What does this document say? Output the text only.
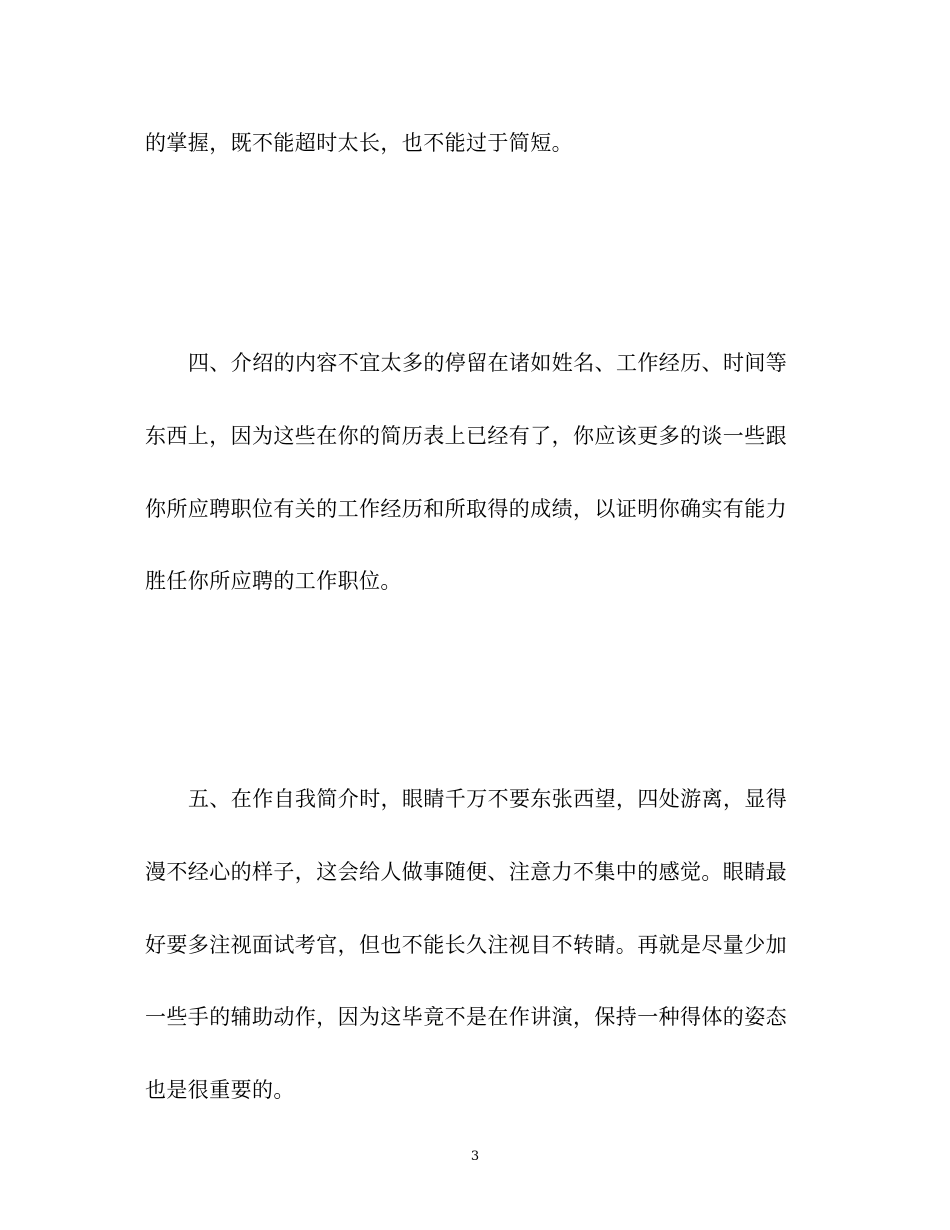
的掌握，既不能超时太长，也不能过于简短。
四、介绍的内容不宜太多的停留在诸如姓名、工作经历、时间等
东西上，因为这些在你的简历表上已经有了，你应该更多的谈一些跟
你所应聘职位有关的工作经历和所取得的成绩，以证明你确实有能力
胜任你所应聘的工作职位。
五、在作自我简介时，眼睛千万不要东张西望，四处游离，显得
漫不经心的样子，这会给人做事随便、注意力不集中的感觉。眼睛最
好要多注视面试考官，但也不能长久注视目不转睛。再就是尽量少加
一些手的辅助动作，因为这毕竟不是在作讲演，保持一种得体的姿态
也是很重要的。
3
